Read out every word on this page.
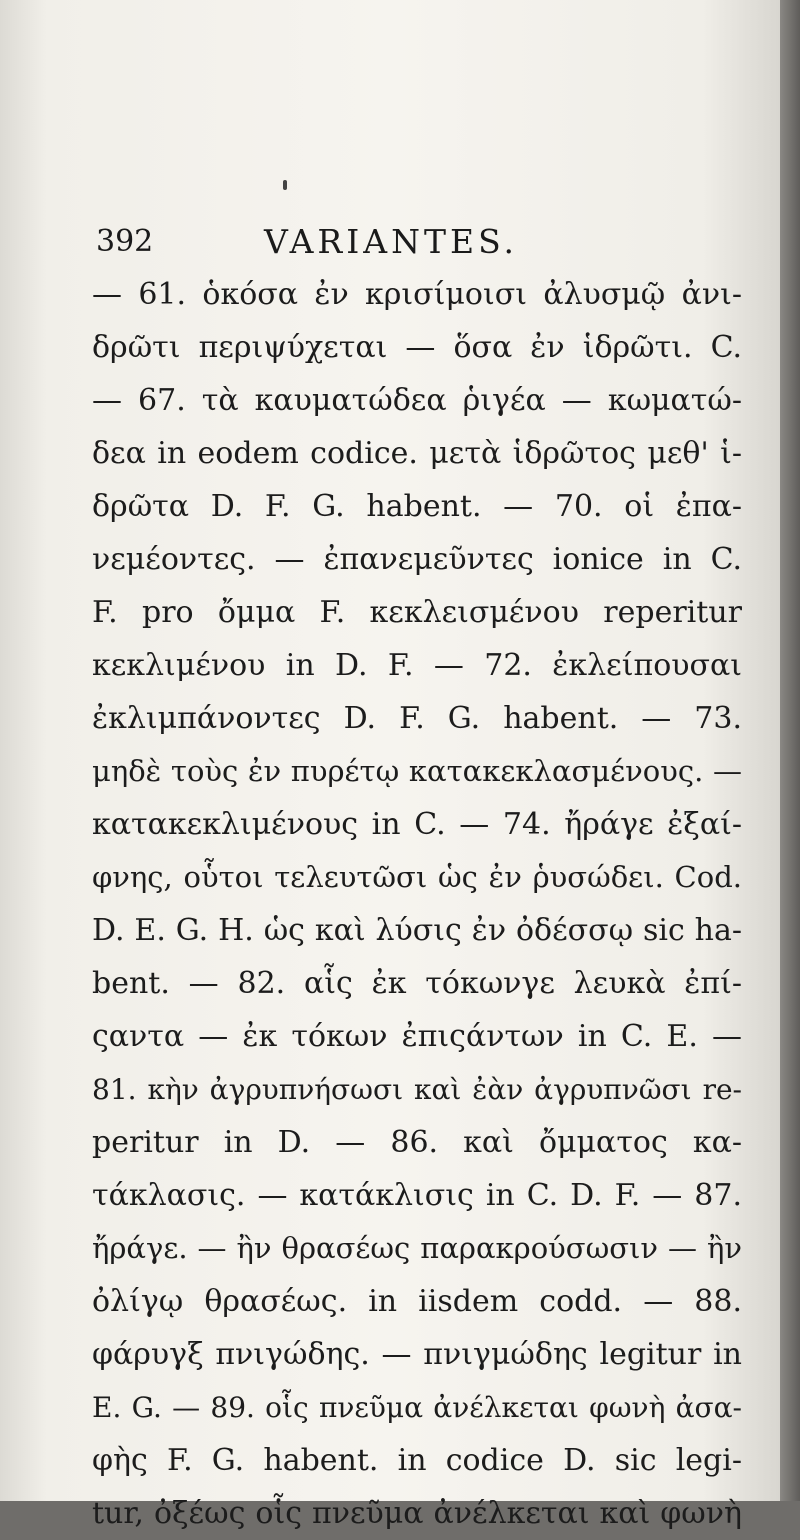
392	VARIANTES.
— 61. ὁκόσα ἐν κρισίμοισι ἀλυσμῷ ἀνι-
δρῶτι περιψύχεται — ὅσα ἐν ἱδρῶτι. C.
— 67. τὰ καυματώδεα ῥιγέα — κωματώ-
δεα in eodem codice. μετὰ ἱδρῶτος μεθ' ἱ-
δρῶτα D. F. G. habent. — 70. οἱ ἐπα-
νεμέοντες. — ἐπανεμεῦντες ionice in C.
F. pro ὄμμα F. κεκλεισμένου reperitur
κεκλιμένου in D. F. — 72. ἐκλείπουσαι
ἐκλιμπάνοντες D. F. G. habent. — 73.
μηδὲ τοὺς ἐν πυρέτῳ κατακεκλασμένους. —
κατακεκλιμένους in C. — 74. ἤράγε ἐξαί-
φνης, οὗτοι τελευτῶσι ὡς ἐν ῥυσώδει. Cod.
D. E. G. H. ὡς καὶ λύσις ἐν ὀδέσσῳ sic ha-
bent. — 82. αἷς ἐκ τόκωνγε λευκὰ ἐπί-
ςαντα — ἐκ τόκων ἐπιςάντων in C. E. —
81. κὴν ἀγρυπνήσωσι καὶ ἐὰν ἀγρυπνῶσι re-
peritur in D. — 86. καὶ ὄμματος κα-
τάκλασις. — κατάκλισις in C. D. F. — 87.
ἤράγε. — ἢν θρασέως παρακρούσωσιν — ἢν
ὀλίγῳ θρασέως. in iisdem codd. — 88.
φάρυγξ πνιγώδης. — πνιγμώδης legitur in
E. G. — 89. οἷς πνεῦμα ἀνέλκεται φωνὴ ἀσα-
φὴς F. G. habent. in codice D. sic legi-
tur, ὀξέως οἷς πνεῦμα ἀνέλκεται καὶ φωνὴ
